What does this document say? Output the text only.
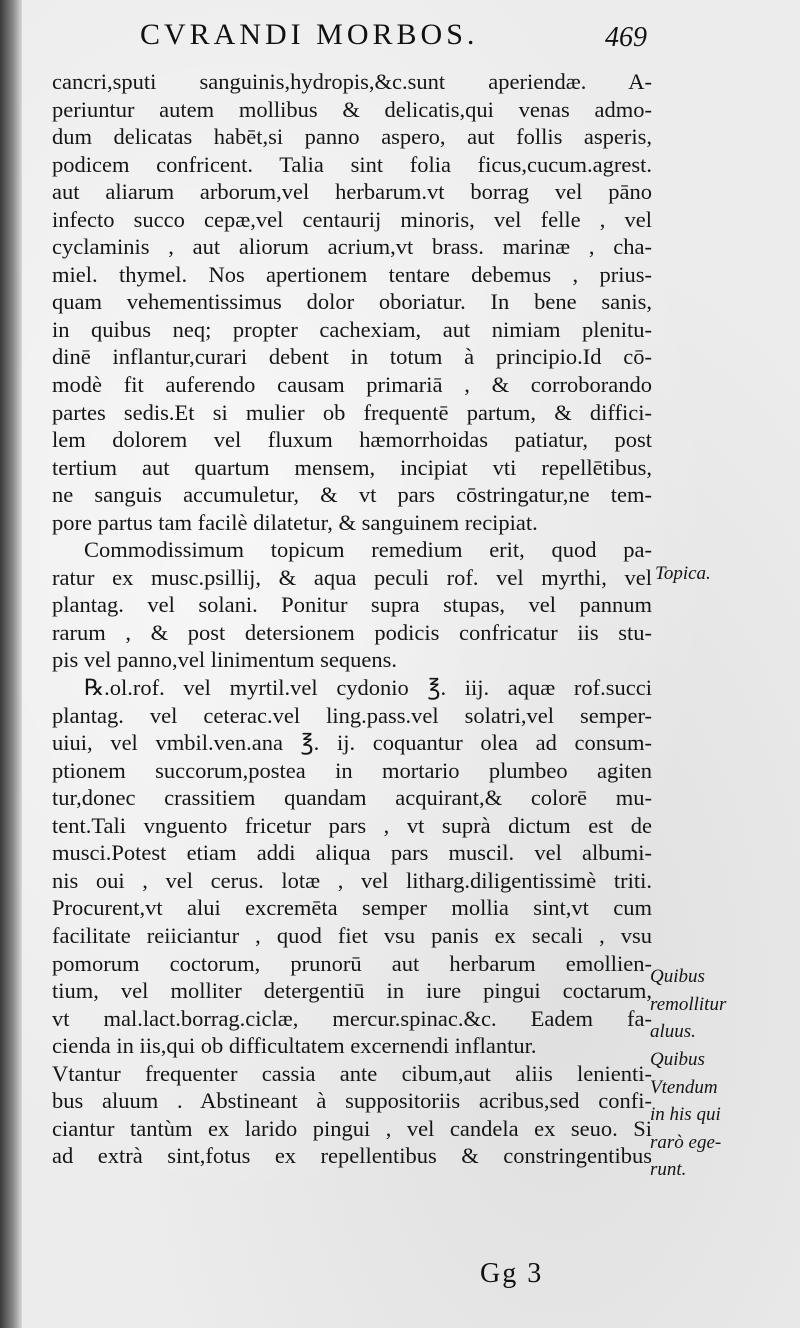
CVRANDI MORBOS.	469
cancri,sputi sanguinis,hydropis,&c.sunt aperiendæ. A-
periuntur autem mollibus & delicatis,qui venas admo-
dum delicatas habēt,si panno aspero, aut follis asperis,
podicem confricent. Talia sint folia ficus,cucum.agrest.
aut aliarum arborum,vel herbarum.vt borrag vel pāno
infecto succo cepæ,vel centaurij minoris, vel felle , vel
cyclaminis , aut aliorum acrium,vt brass. marinæ , cha-
miel. thymel. Nos apertionem tentare debemus , prius-
quam vehementissimus dolor oboriatur. In bene sanis,
in quibus neq; propter cachexiam, aut nimiam plenitu-
dinē inflantur,curari debent in totum à principio.Id cō-
modè fit auferendo causam primariā , & corroborando
partes sedis.Et si mulier ob frequentē partum, & diffici-
lem dolorem vel fluxum hæmorrhoidas patiatur, post
tertium aut quartum mensem, incipiat vti repellētibus,
ne sanguis accumuletur, & vt pars cōstringatur,ne tem-
pore partus tam facilè dilatetur, & sanguinem recipiat.
Commodissimum topicum remedium erit, quod pa-
ratur ex musc.psillij, & aqua peculi rof. vel myrthi, vel
plantag. vel solani. Ponitur supra stupas, vel pannum
rarum , & post detersionem podicis confricatur iis stu-
pis vel panno,vel linimentum sequens.
℞.ol.rof. vel myrtil.vel cydonio ℥. iij. aquæ rof.succi
plantag. vel ceterac.vel ling.pass.vel solatri,vel semper-
uiui, vel vmbil.ven.ana ℥. ij. coquantur olea ad consum-
ptionem succorum,postea in mortario plumbeo agiten
tur,donec crassitiem quandam acquirant,& colorē mu-
tent.Tali vnguento fricetur pars , vt suprà dictum est de
musci.Potest etiam addi aliqua pars muscil. vel albumi-
nis oui , vel cerus. lotæ , vel litharg.diligentissimè triti.
Procurent,vt alui excremēta semper mollia sint,vt cum
facilitate reiiciantur , quod fiet vsu panis ex secali , vsu
pomorum coctorum, prunorū aut herbarum emollien-
tium, vel molliter detergentiū in iure pingui coctarum,
vt mal.lact.borrag.ciclæ, mercur.spinac.&c. Eadem fa-
cienda in iis,qui ob difficultatem excernendi inflantur.
Vtantur frequenter cassia ante cibum,aut aliis lenienti-
bus aluum . Abstineant à suppositoriis acribus,sed confi-
ciantur tantùm ex larido pingui , vel candela ex seuo. Si
ad extrà sint,fotus ex repellentibus & constringentibus
Topica.
Quibus
remollitur
aluus.
Quibus
Vtendum
in his qui
rarò ege-
runt.
Gg 3
